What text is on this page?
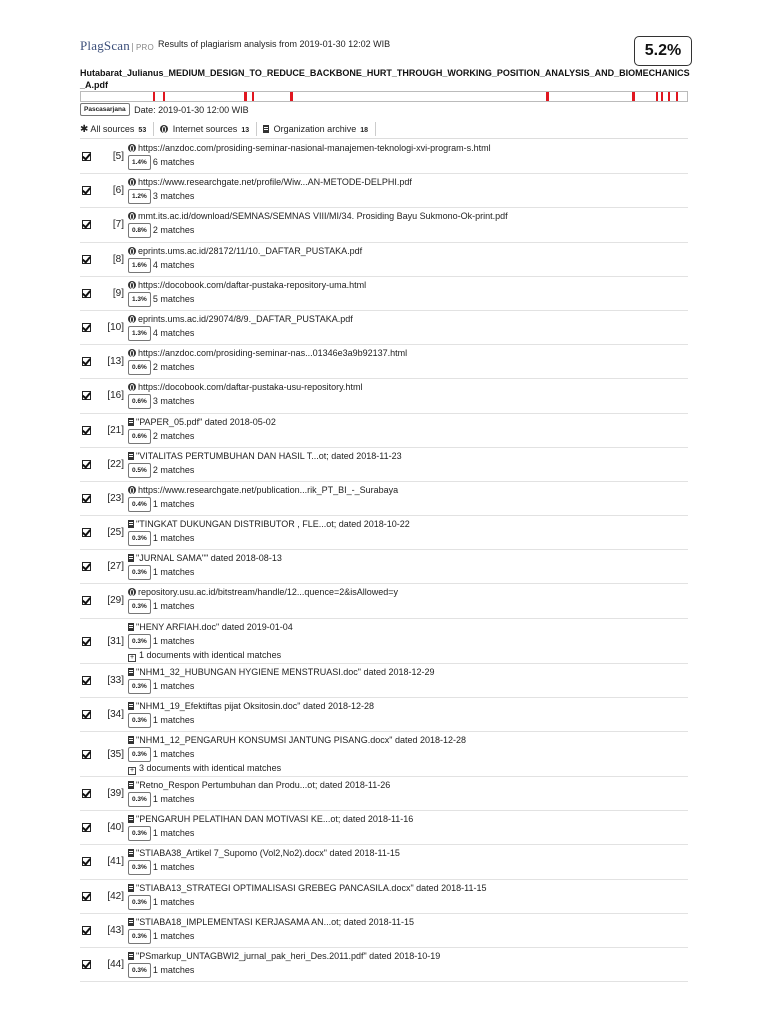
PlagScan PRO Results of plagiarism analysis from 2019-01-30 12:02 WIB	5.2%
Hutabarat_Julianus_MEDIUM_DESIGN_TO_REDUCE_BACKBONE_HURT_THROUGH_WORKING_POSITION_ANALYSIS_AND_BIOMECHANICS_A.pdf
Pascasarjana Date: 2019-01-30 12:00 WIB
✱ All sources 53	Internet sources 13	Organization archive 18
[5]
https://anzdoc.com/prosiding-seminar-nasional-manajemen-teknologi-xvi-program-s.html
1.4% 6 matches
[6]
https://www.researchgate.net/profile/Wiw...AN-METODE-DELPHI.pdf
1.2% 3 matches
[7]
mmt.its.ac.id/download/SEMNAS/SEMNAS VIII/MI/34. Prosiding Bayu Sukmono-Ok-print.pdf
0.8% 2 matches
[8]
eprints.ums.ac.id/28172/11/10._DAFTAR_PUSTAKA.pdf
1.6% 4 matches
[9]
https://docobook.com/daftar-pustaka-repository-uma.html
1.3% 5 matches
[10]
eprints.ums.ac.id/29074/8/9._DAFTAR_PUSTAKA.pdf
1.3% 4 matches
[13]
https://anzdoc.com/prosiding-seminar-nas...01346e3a9b92137.html
0.6% 2 matches
[16]
https://docobook.com/daftar-pustaka-usu-repository.html
0.6% 3 matches
[21]
"PAPER_05.pdf" dated 2018-05-02
0.6% 2 matches
[22]
"VITALITAS PERTUMBUHAN DAN HASIL T...ot; dated 2018-11-23
0.5% 2 matches
[23]
https://www.researchgate.net/publication...rik_PT_BI_-_Surabaya
0.4% 1 matches
[25]
"TINGKAT DUKUNGAN DISTRIBUTOR , FLE...ot; dated 2018-10-22
0.3% 1 matches
[27]
"JURNAL SAMA"" dated 2018-08-13
0.3% 1 matches
[29]
repository.usu.ac.id/bitstream/handle/12...quence=2&isAllowed=y
0.3% 1 matches
[31]
"HENY ARFIAH.doc" dated 2019-01-04
0.3% 1 matches
+ 1 documents with identical matches
[33]
"NHM1_32_HUBUNGAN HYGIENE MENSTRUASI.doc" dated 2018-12-29
0.3% 1 matches
[34]
"NHM1_19_Efektiftas pijat Oksitosin.doc" dated 2018-12-28
0.3% 1 matches
[35]
"NHM1_12_PENGARUH KONSUMSI JANTUNG PISANG.docx" dated 2018-12-28
0.3% 1 matches
+ 3 documents with identical matches
[39]
"Retno_Respon Pertumbuhan dan Produ...ot; dated 2018-11-26
0.3% 1 matches
[40]
"PENGARUH PELATIHAN DAN MOTIVASI KE...ot; dated 2018-11-16
0.3% 1 matches
[41]
"STIABA38_Artikel 7_Supomo (Vol2,No2).docx" dated 2018-11-15
0.3% 1 matches
[42]
"STIABA13_STRATEGI OPTIMALISASI GREBEG PANCASILA.docx" dated 2018-11-15
0.3% 1 matches
[43]
"STIABA18_IMPLEMENTASI KERJASAMA AN...ot; dated 2018-11-15
0.3% 1 matches
[44]
"PSmarkup_UNTAGBWI2_jurnal_pak_heri_Des.2011.pdf" dated 2018-10-19
0.3% 1 matches
